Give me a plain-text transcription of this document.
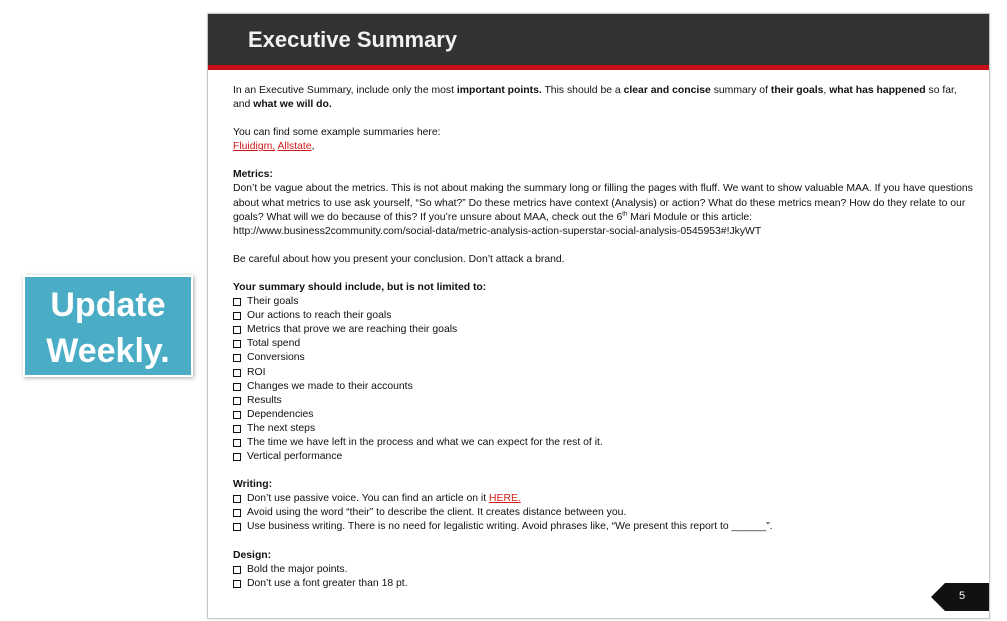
Update
Weekly.
Executive Summary

In an Executive Summary, include only the most important points. This should be a clear and concise summary of their goals, what has happened so far, and what we will do.

You can find some example summaries here:

Fluidigm, Allstate,

Metrics:

Don’t be vague about the metrics. This is not about making the summary long or filling the pages with fluff. We want to show valuable MAA. If you have questions about what metrics to use ask yourself, “So what?” Do these metrics have context (Analysis) or action? What do these metrics mean? How do they relate to our goals? What will we do because of this? If you’re unsure about MAA, check out the 6th Mari Module or this article:

http://www.business2community.com/social-data/metric-analysis-action-superstar-social-analysis-0545953#!JkyWT

Be careful about how you present your conclusion. Don’t attack a brand.

Your summary should include, but is not limited to:

Their goals
Our actions to reach their goals
Metrics that prove we are reaching their goals
Total spend
Conversions
ROI
Changes we made to their accounts
Results
Dependencies
The next steps
The time we have left in the process and what we can expect for the rest of it.
Vertical performance

Writing:

Don’t use passive voice. You can find an article on it HERE.
Avoid using the word “their” to describe the client. It creates distance between you.
Use business writing. There is no need for legalistic writing. Avoid phrases like, “We present this report to ______”.

Design:

Bold the major points.
Don’t use a font greater than 18 pt.
5
